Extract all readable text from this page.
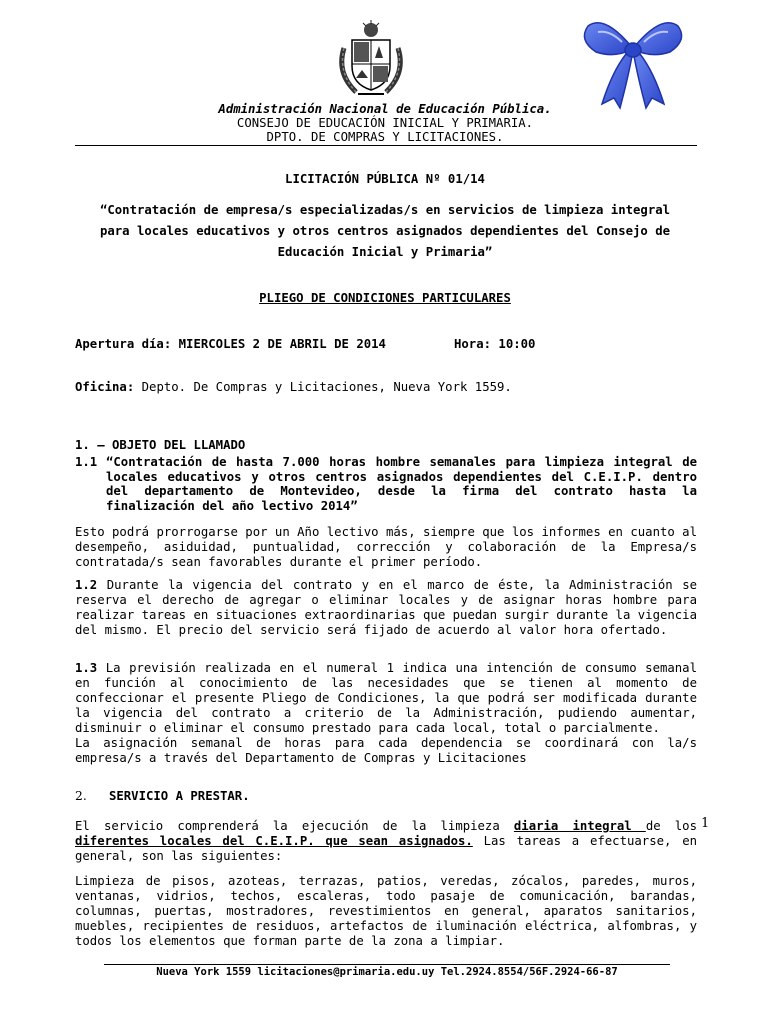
Administración Nacional de Educación Pública.
CONSEJO DE EDUCACIÓN INICIAL Y PRIMARIA.
DPTO. DE COMPRAS Y LICITACIONES.
LICITACIÓN PÚBLICA Nº 01/14
“Contratación de empresa/s especializadas/s en servicios de limpieza integral
para locales educativos y otros centros asignados dependientes del Consejo de
Educación Inicial y Primaria”
PLIEGO DE CONDICIONES PARTICULARES
Apertura día: MIERCOLES 2 DE ABRIL DE 2014	Hora: 10:00
Oficina: Depto. De Compras y Licitaciones, Nueva York 1559.
1. – OBJETO DEL LLAMADO
1.1 “Contratación de hasta 7.000 horas hombre semanales para limpieza integral de locales educativos y otros centros asignados dependientes del C.E.I.P. dentro del departamento de Montevideo, desde la firma del contrato hasta la finalización del año lectivo 2014”
Esto podrá prorrogarse por un Año lectivo más, siempre que los informes en cuanto al desempeño, asiduidad, puntualidad, corrección y colaboración de la Empresa/s contratada/s sean favorables durante el primer período.
1.2 Durante la vigencia del contrato y en el marco de éste, la Administración se reserva el derecho de agregar o eliminar locales y de asignar horas hombre para realizar tareas en situaciones extraordinarias que puedan surgir durante la vigencia del mismo. El precio del servicio será fijado de acuerdo al valor hora ofertado.
1.3 La previsión realizada en el numeral 1 indica una intención de consumo semanal en función al conocimiento de las necesidades que se tienen al momento de confeccionar el presente Pliego de Condiciones, la que podrá ser modificada durante la vigencia del contrato a criterio de la Administración, pudiendo aumentar, disminuir o eliminar el consumo prestado para cada local, total o parcialmente.
La asignación semanal de horas para cada dependencia se coordinará con la/s empresa/s a través del Departamento de Compras y Licitaciones
2. SERVICIO A PRESTAR.
El servicio comprenderá la ejecución de la limpieza diaria integral de los diferentes locales del C.E.I.P. que sean asignados. Las tareas a efectuarse, en general, son las siguientes:
1
Limpieza de pisos, azoteas, terrazas, patios, veredas, zócalos, paredes, muros, ventanas, vidrios, techos, escaleras, todo pasaje de comunicación, barandas, columnas, puertas, mostradores, revestimientos en general, aparatos sanitarios, muebles, recipientes de residuos, artefactos de iluminación eléctrica, alfombras, y todos los elementos que forman parte de la zona a limpiar.
Nueva York 1559 licitaciones@primaria.edu.uy Tel.2924.8554/56F.2924-66-87
